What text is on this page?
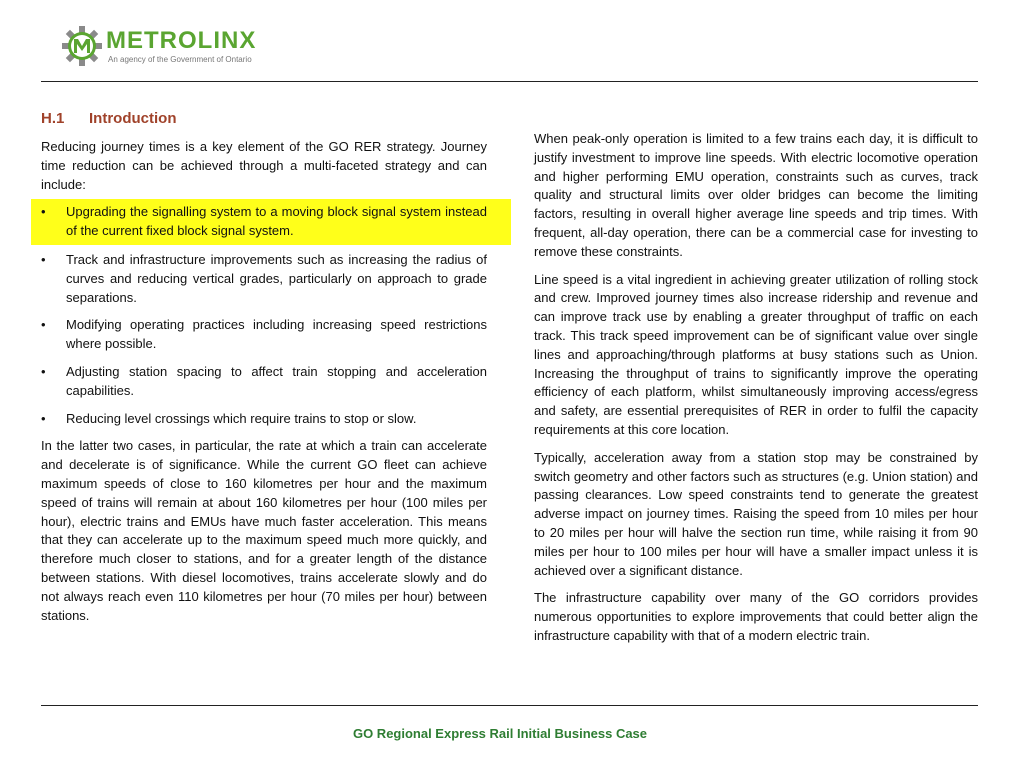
METROLINX
An agency of the Government of Ontario
H.1 Introduction

Reducing journey times is a key element of the GO RER strategy. Journey time reduction can be achieved through a multi-faceted strategy and can include:

• Upgrading the signalling system to a moving block signal system instead of the current fixed block signal system.
• Track and infrastructure improvements such as increasing the radius of curves and reducing vertical grades, particularly on approach to grade separations.
• Modifying operating practices including increasing speed restrictions where possible.
• Adjusting station spacing to affect train stopping and acceleration capabilities.
• Reducing level crossings which require trains to stop or slow.

In the latter two cases, in particular, the rate at which a train can accelerate and decelerate is of significance. While the current GO fleet can achieve maximum speeds of close to 160 kilometres per hour and the maximum speed of trains will remain at about 160 kilometres per hour (100 miles per hour), electric trains and EMUs have much faster acceleration. This means that they can accelerate up to the maximum speed much more quickly, and therefore much closer to stations, and for a greater length of the distance between stations. With diesel locomotives, trains accelerate slowly and do not always reach even 110 kilometres per hour (70 miles per hour) between stations.

When peak-only operation is limited to a few trains each day, it is difficult to justify investment to improve line speeds. With electric locomotive operation and higher performing EMU operation, constraints such as curves, track quality and structural limits over older bridges can become the limiting factors, resulting in overall higher average line speeds and trip times. With frequent, all-day operation, there can be a commercial case for investing to remove these constraints.

Line speed is a vital ingredient in achieving greater utilization of rolling stock and crew. Improved journey times also increase ridership and revenue and can improve track use by enabling a greater throughput of traffic on each track. This track speed improvement can be of significant value over single lines and approaching/through platforms at busy stations such as Union. Increasing the throughput of trains to significantly improve the operating efficiency of each platform, whilst simultaneously improving access/egress and safety, are essential prerequisites of RER in order to fulfil the capacity requirements at this core location.

Typically, acceleration away from a station stop may be constrained by switch geometry and other factors such as structures (e.g. Union station) and passing clearances. Low speed constraints tend to generate the greatest adverse impact on journey times. Raising the speed from 10 miles per hour to 20 miles per hour will halve the section run time, while raising it from 90 miles per hour to 100 miles per hour will have a smaller impact unless it is achieved over a significant distance.

The infrastructure capability over many of the GO corridors provides numerous opportunities to explore improvements that could better align the infrastructure capability with that of a modern electric train.

GO Regional Express Rail Initial Business Case
